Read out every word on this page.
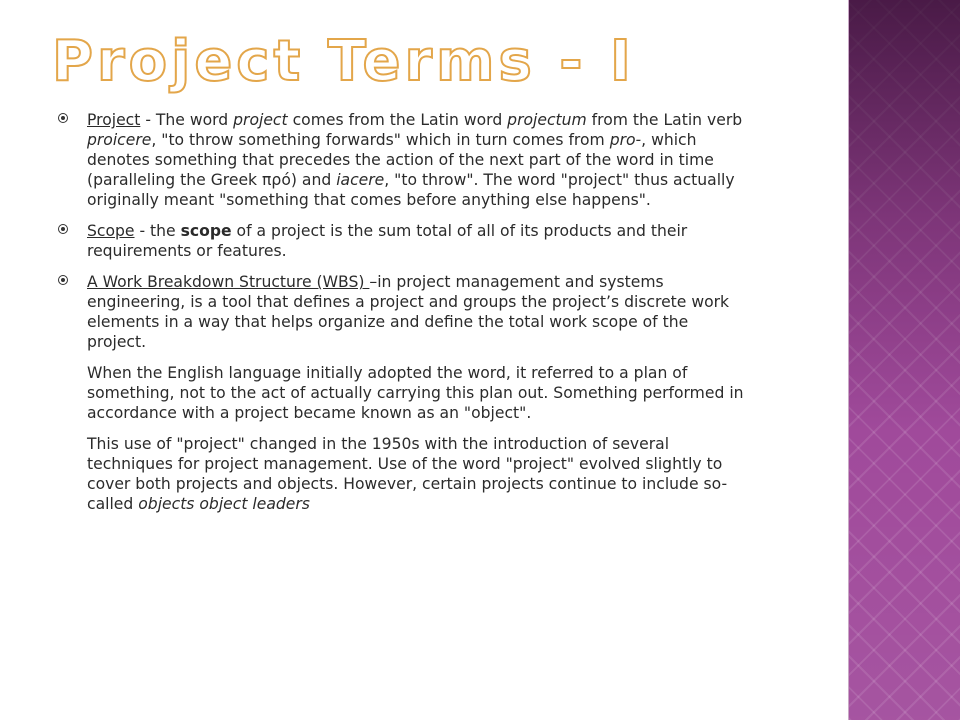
Project Terms - I
Project - The word project comes from the Latin word projectum from the Latin verb proicere, "to throw something forwards" which in turn comes from pro-, which denotes something that precedes the action of the next part of the word in time (paralleling the Greek πρό) and iacere, "to throw". The word "project" thus actually originally meant "something that comes before anything else happens".
Scope - the scope of a project is the sum total of all of its products and their requirements or features.
A Work Breakdown Structure (WBS) –in project management and systems engineering, is a tool that defines a project and groups the project’s discrete work elements in a way that helps organize and define the total work scope of the project.
When the English language initially adopted the word, it referred to a plan of something, not to the act of actually carrying this plan out. Something performed in accordance with a project became known as an "object".
This use of "project" changed in the 1950s with the introduction of several techniques for project management. Use of the word "project" evolved slightly to cover both projects and objects. However, certain projects continue to include so-called objects object leaders
